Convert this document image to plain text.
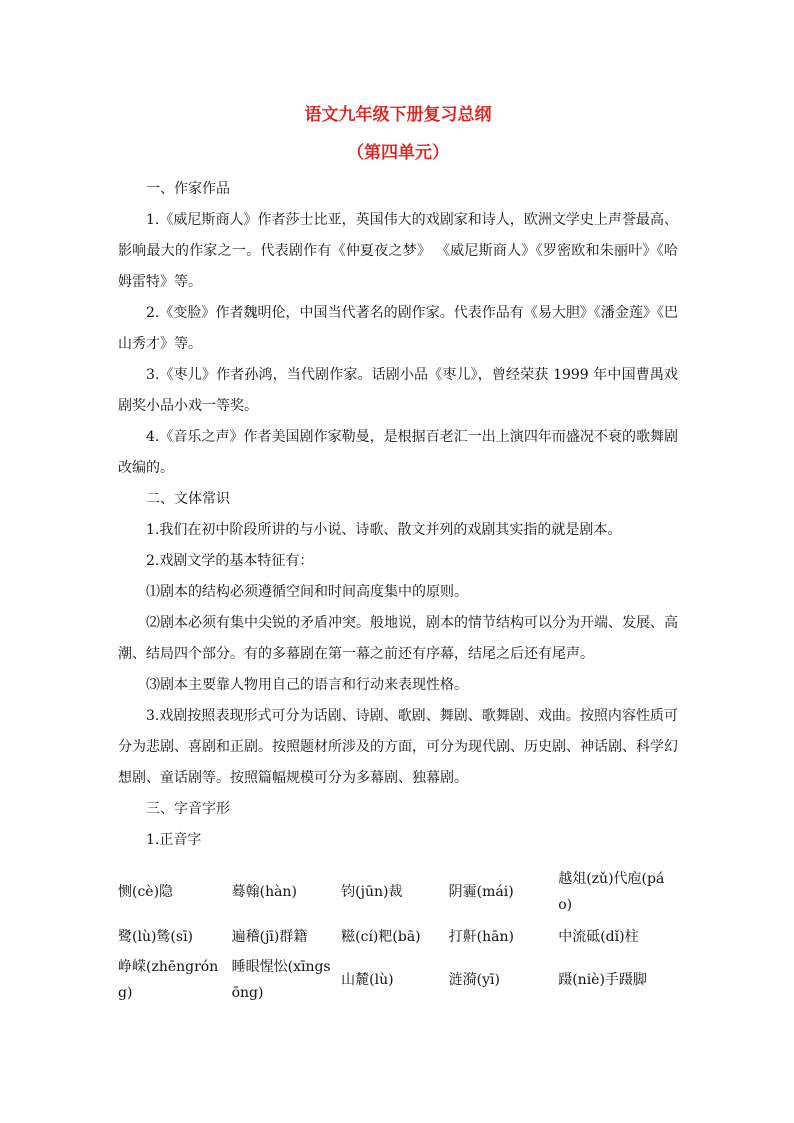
语文九年级下册复习总纲
（第四单元）

一、作家作品

1.《威尼斯商人》作者莎士比亚，英国伟大的戏剧家和诗人，欧洲文学史上声誉最高、影响最大的作家之一。代表剧作有《仲夏夜之梦》 《威尼斯商人》《罗密欧和朱丽叶》《哈姆雷特》等。

2.《变脸》作者魏明伦，中国当代著名的剧作家。代表作品有《易大胆》《潘金莲》《巴山秀才》等。

3.《枣儿》作者孙鸿，当代剧作家。话剧小品《枣儿》，曾经荣获 1999 年中国曹禺戏剧奖小品小戏一等奖。

4.《音乐之声》作者美国剧作家勒曼，是根据百老汇一出上演四年而盛况不衰的歌舞剧改编的。

二、文体常识

1.我们在初中阶段所讲的与小说、诗歌、散文并列的戏剧其实指的就是剧本。

2.戏剧文学的基本特征有：

⑴剧本的结构必须遵循空间和时间高度集中的原则。

⑵剧本必须有集中尖锐的矛盾冲突。般地说，剧本的情节结构可以分为开端、发展、高潮、结局四个部分。有的多幕剧在第一幕之前还有序幕，结尾之后还有尾声。

⑶剧本主要靠人物用自己的语言和行动来表现性格。

3.戏剧按照表现形式可分为话剧、诗剧、歌剧、舞剧、歌舞剧、戏曲。按照内容性质可分为悲剧、喜剧和正剧。按照题材所涉及的方面，可分为现代剧、历史剧、神话剧、科学幻想剧、童话剧等。按照篇幅规模可分为多幕剧、独幕剧。

三、字音字形

1.正音字

恻(cè)隐	蓦翰(hàn)	钧(jūn)裁	阴霾(mái)	越俎(zǔ)代庖(páo)
鹭(lù)鸶(sī)	遍稽(jī)群籍	糍(cí)粑(bā)	打鼾(hān)	中流砥(dǐ)柱
峥嵘(zhēngróng)	睡眼惺忪(xīngsōng)	山麓(lù)	涟漪(yī)	蹑(niè)手蹑脚
